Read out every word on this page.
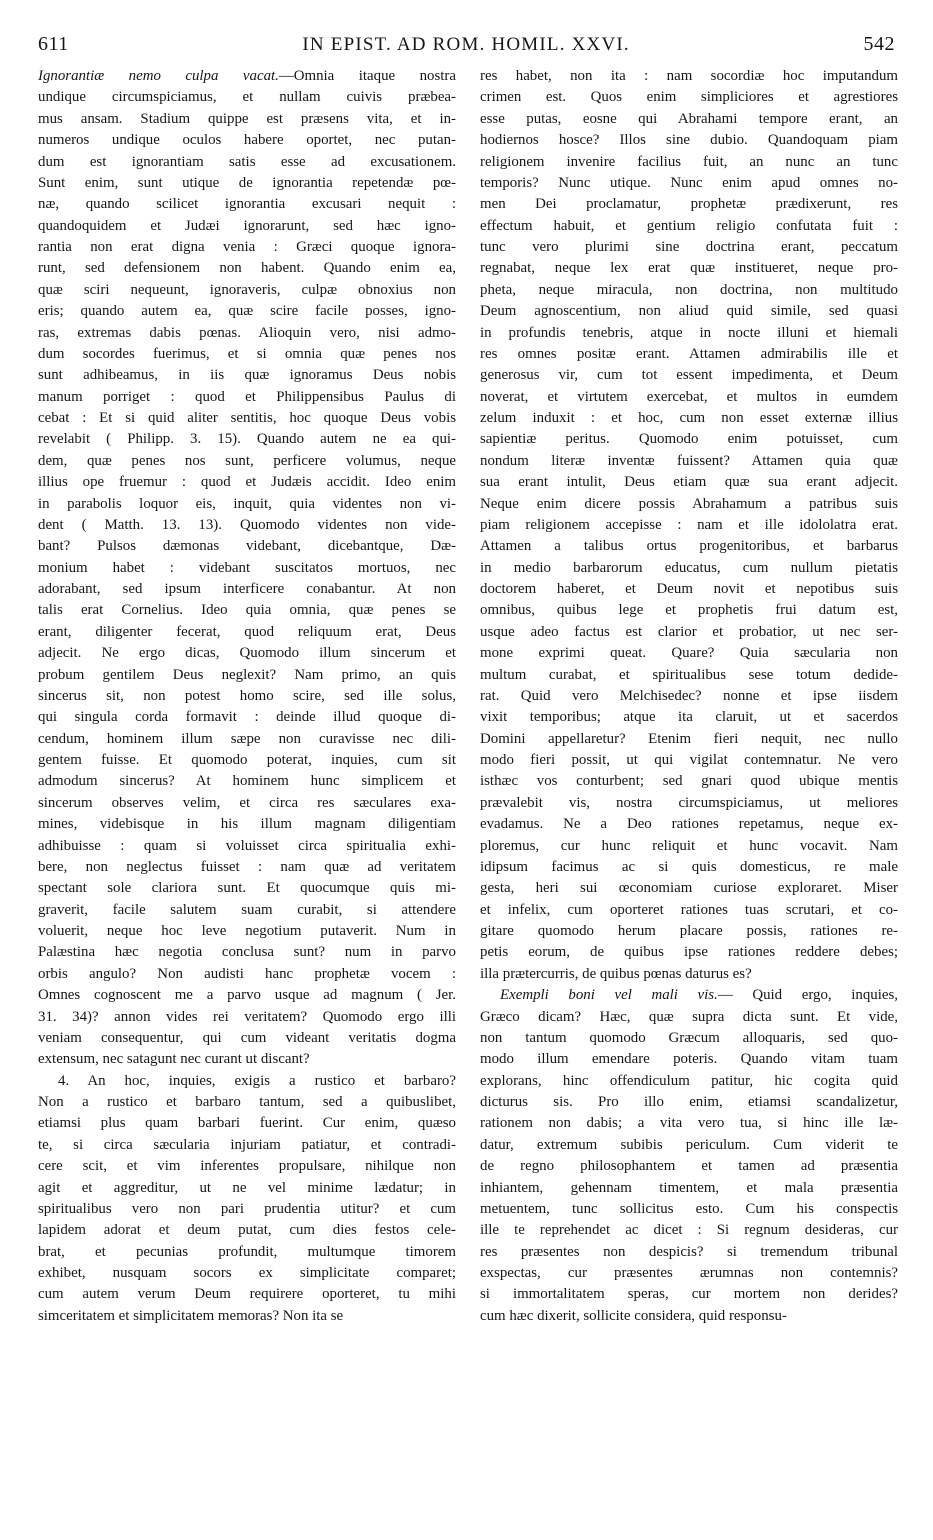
611	IN EPIST. AD ROM. HOMIL. XXVI.	542
Ignorantiæ nemo culpa vacat.—Omnia itaque nostra
undique circumspiciamus, et nullam cuivis præbea-
mus ansam. Stadium quippe est præsens vita, et in-
numeros undique oculos habere oportet, nec putan-
dum est ignorantiam satis esse ad excusationem.
Sunt enim, sunt utique de ignorantia repetendæ pœ-
næ, quando scilicet ignorantia excusari nequit :
quandoquidem et Judæi ignorarunt, sed hæc igno-
rantia non erat digna venia : Græci quoque ignora-
runt, sed defensionem non habent. Quando enim ea,
quæ sciri nequeunt, ignoraveris, culpæ obnoxius non
eris; quando autem ea, quæ scire facile posses, igno-
ras, extremas dabis pœnas. Alioquin vero, nisi admo-
dum socordes fuerimus, et si omnia quæ penes nos
sunt adhibeamus, in iis quæ ignoramus Deus nobis
manum porriget : quod et Philippensibus Paulus di
cebat : Et si quid aliter sentitis, hoc quoque Deus vobis
revelabit ( Philipp. 3. 15). Quando autem ne ea qui-
dem, quæ penes nos sunt, perficere volumus, neque
illius ope fruemur : quod et Judæis accidit. Ideo enim
in parabolis loquor eis, inquit, quia videntes non vi-
dent ( Matth. 13. 13). Quomodo videntes non vide-
bant? Pulsos dæmonas videbant, dicebantque, Dæ-
monium habet : videbant suscitatos mortuos, nec
adorabant, sed ipsum interficere conabantur. At non
talis erat Cornelius. Ideo quia omnia, quæ penes se
erant, diligenter fecerat, quod reliquum erat, Deus
adjecit. Ne ergo dicas, Quomodo illum sincerum et
probum gentilem Deus neglexit? Nam primo, an quis
sincerus sit, non potest homo scire, sed ille solus,
qui singula corda formavit : deinde illud quoque di-
cendum, hominem illum sæpe non curavisse nec dili-
gentem fuisse. Et quomodo poterat, inquies, cum sit
admodum sincerus? At hominem hunc simplicem et
sincerum observes velim, et circa res sæculares exa-
mines, videbisque in his illum magnam diligentiam
adhibuisse : quam si voluisset circa spiritualia exhi-
bere, non neglectus fuisset : nam quæ ad veritatem
spectant sole clariora sunt. Et quocumque quis mi-
graverit, facile salutem suam curabit, si attendere
voluerit, neque hoc leve negotium putaverit. Num in
Palæstina hæc negotia conclusa sunt? num in parvo
orbis angulo? Non audisti hanc prophetæ vocem :
Omnes cognoscent me a parvo usque ad magnum ( Jer.
31. 34)? annon vides rei veritatem? Quomodo ergo illi
veniam consequentur, qui cum videant veritatis dogma
extensum, nec satagunt nec curant ut discant?
4. An hoc, inquies, exigis a rustico et barbaro?
Non a rustico et barbaro tantum, sed a quibuslibet,
etiamsi plus quam barbari fuerint. Cur enim, quæso
te, si circa sæcularia injuriam patiatur, et contradi-
cere scit, et vim inferentes propulsare, nihilque non
agit et aggreditur, ut ne vel minime lædatur; in
spiritualibus vero non pari prudentia utitur? et cum
lapidem adorat et deum putat, cum dies festos cele-
brat, et pecunias profundit, multumque timorem
exhibet, nusquam socors ex simplicitate comparet;
cum autem verum Deum requirere oporteret, tu mihi
simceritatem et simplicitatem memoras? Non ita se
res habet, non ita : nam socordiæ hoc imputandum
crimen est. Quos enim simpliciores et agrestiores
esse putas, eosne qui Abrahami tempore erant, an
hodiernos hosce? Illos sine dubio. Quandoquam piam
religionem invenire facilius fuit, an nunc an tunc
temporis? Nunc utique. Nunc enim apud omnes no-
men Dei proclamatur, prophetæ prædixerunt, res
effectum habuit, et gentium religio confutata fuit :
tunc vero plurimi sine doctrina erant, peccatum
regnabat, neque lex erat quæ institueret, neque pro-
pheta, neque miracula, non doctrina, non multitudo
Deum agnoscentium, non aliud quid simile, sed quasi
in profundis tenebris, atque in nocte illuni et hiemali
res omnes positæ erant. Attamen admirabilis ille et
generosus vir, cum tot essent impedimenta, et Deum
noverat, et virtutem exercebat, et multos in eumdem
zelum induxit : et hoc, cum non esset externæ illius
sapientiæ peritus. Quomodo enim potuisset, cum
nondum literæ inventæ fuissent? Attamen quia quæ
sua erant intulit, Deus etiam quæ sua erant adjecit.
Neque enim dicere possis Abrahamum a patribus suis
piam religionem accepisse : nam et ille idololatra erat.
Attamen a talibus ortus progenitoribus, et barbarus
in medio barbarorum educatus, cum nullum pietatis
doctorem haberet, et Deum novit et nepotibus suis
omnibus, quibus lege et prophetis frui datum est,
usque adeo factus est clarior et probatior, ut nec ser-
mone exprimi queat. Quare? Quia sæcularia non
multum curabat, et spiritualibus sese totum dedide-
rat. Quid vero Melchisedec? nonne et ipse iisdem
vixit temporibus; atque ita claruit, ut et sacerdos
Domini appellaretur? Etenim fieri nequit, nec nullo
modo fieri possit, ut qui vigilat contemnatur. Ne vero
isthæc vos conturbent; sed gnari quod ubique mentis
prævalebit vis, nostra circumspiciamus, ut meliores
evadamus. Ne a Deo rationes repetamus, neque ex-
ploremus, cur hunc reliquit et hunc vocavit. Nam
idipsum facimus ac si quis domesticus, re male
gesta, heri sui œconomiam curiose exploraret. Miser
et infelix, cum oporteret rationes tuas scrutari, et co-
gitare quomodo herum placare possis, rationes re-
petis eorum, de quibus ipse rationes reddere debes;
illa prætercurris, de quibus pœnas daturus es?
Exempli boni vel mali vis.— Quid ergo, inquies,
Græco dicam? Hæc, quæ supra dicta sunt. Et vide,
non tantum quomodo Græcum alloquaris, sed quo-
modo illum emendare poteris. Quando vitam tuam
explorans, hinc offendiculum patitur, hic cogita quid
dicturus sis. Pro illo enim, etiamsi scandalizetur,
rationem non dabis; a vita vero tua, si hinc ille læ-
datur, extremum subibis periculum. Cum viderit te
de regno philosophantem et tamen ad præsentia
inhiantem, gehennam timentem, et mala præsentia
metuentem, tunc sollicitus esto. Cum his conspectis
ille te reprehendet ac dicet : Si regnum desideras, cur
res præsentes non despicis? si tremendum tribunal
exspectas, cur præsentes ærumnas non contemnis?
si immortalitatem speras, cur mortem non derides?
cum hæc dixerit, sollicite considera, quid responsu-
